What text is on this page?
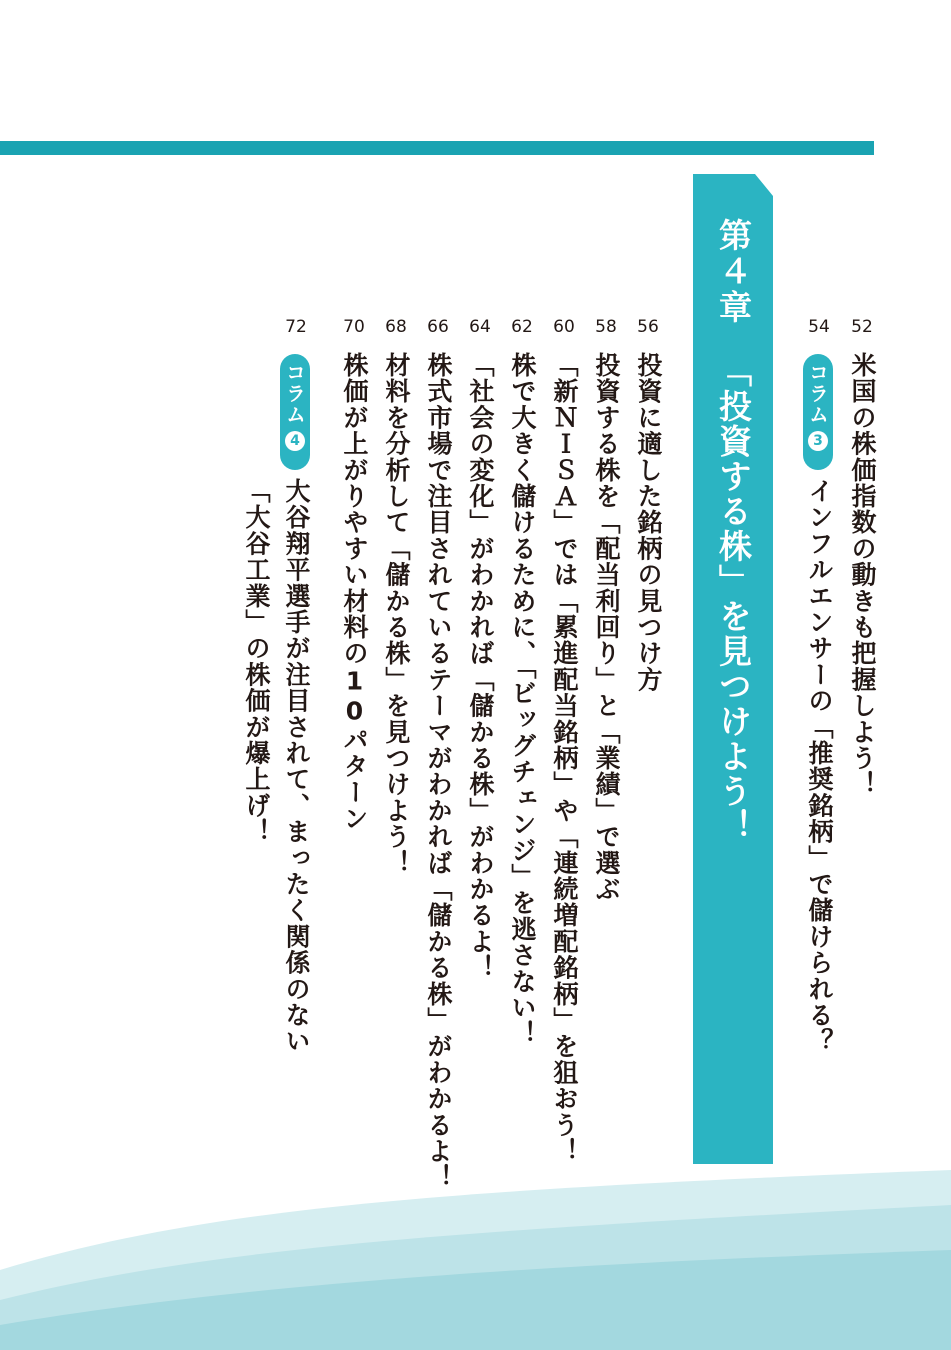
52
米国の株価指数の動きも把握しよう！
54
コラム
3
インフルエンサーの「推奨銘柄」で儲けられる？
第４章
「投資する株」を見つけよう！
56
投資に適した銘柄の見つけ方
58
投資する株を「配当利回り」と「業績」で選ぶ
60
「新ＮＩＳＡ」では「累進配当銘柄」や「連続増配銘柄」を狙おう！
62
株で大きく儲けるために、「ビッグチェンジ」を逃さない！
64
「社会の変化」がわかれば「儲かる株」がわかるよ！
66
株式市場で注目されているテーマがわかれば「儲かる株」がわかるよ！
68
材料を分析して「儲かる株」を見つけよう！
70
株価が上がりやすい材料の10パターン
72
コラム
4
大谷翔平選手が注目されて、まったく関係のない
「大谷工業」の株価が爆上げ！
